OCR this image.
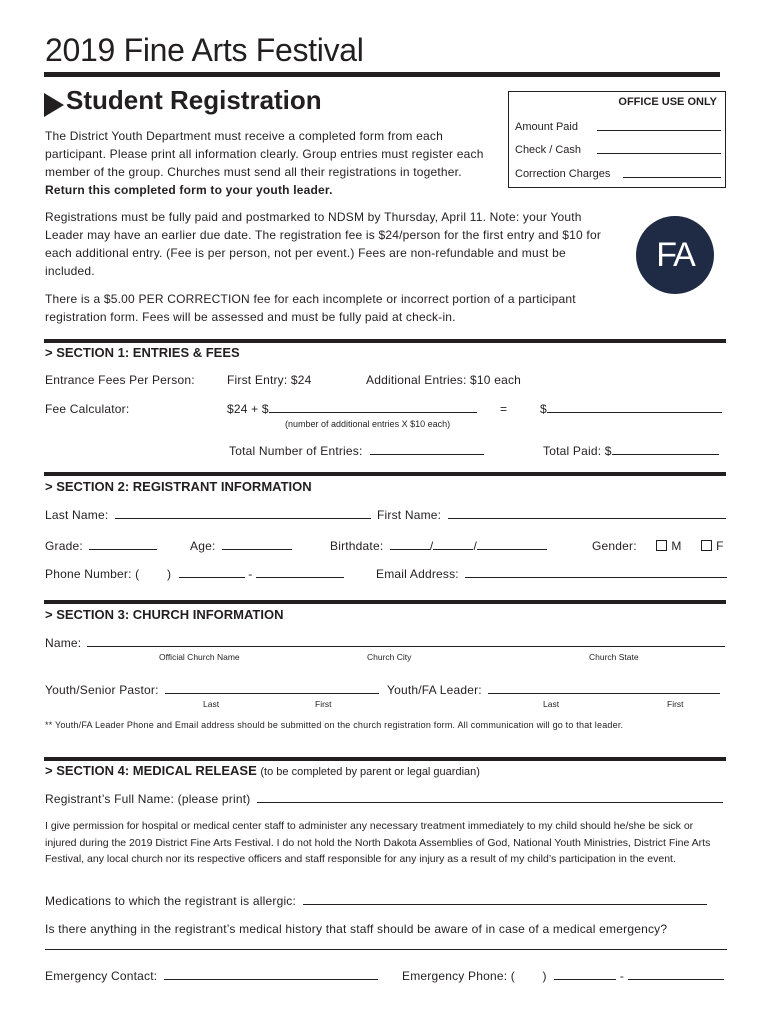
2019 Fine Arts Festival
Student Registration	OFFICE USE ONLY
Amount Paid
Check / Cash
Correction Charges
The District Youth Department must receive a completed form from each participant. Please print all information clearly. Group entries must register each member of the group. Churches must send all their registrations in together. Return this completed form to your youth leader.
Registrations must be fully paid and postmarked to NDSM by Thursday, April 11. Note: your Youth Leader may have an earlier due date. The registration fee is $24/person for the first entry and $10 for each additional entry. (Fee is per person, not per event.) Fees are non-refundable and must be included.	FA
There is a $5.00 PER CORRECTION fee for each incomplete or incorrect portion of a participant registration form. Fees will be assessed and must be fully paid at check-in.
> SECTION 1: ENTRIES & FEES
Entrance Fees Per Person:	First Entry: $24	Additional Entries: $10 each
Fee Calculator:	$24 + $	=	$
(number of additional entries X $10 each)
Total Number of Entries:	Total Paid: $
> SECTION 2: REGISTRANT INFORMATION
Last Name:	First Name:
Grade:	Age:	Birthdate:	/	/	Gender:	M	F
Phone Number: ( )	-	Email Address:
> SECTION 3: CHURCH INFORMATION
Name:
Official Church Name	Church City	Church State
Youth/Senior Pastor:	Youth/FA Leader:
Last	First	Last	First
** Youth/FA Leader Phone and Email address should be submitted on the church registration form. All communication will go to that leader.
> SECTION 4: MEDICAL RELEASE (to be completed by parent or legal guardian)
Registrant’s Full Name: (please print)
I give permission for hospital or medical center staff to administer any necessary treatment immediately to my child should he/she be sick or injured during the 2019 District Fine Arts Festival. I do not hold the North Dakota Assemblies of God, National Youth Ministries, District Fine Arts Festival, any local church nor its respective officers and staff responsible for any injury as a result of my child’s participation in the event.
Medications to which the registrant is allergic:
Is there anything in the registrant’s medical history that staff should be aware of in case of a medical emergency?
Emergency Contact:	Emergency Phone: ( )	-
